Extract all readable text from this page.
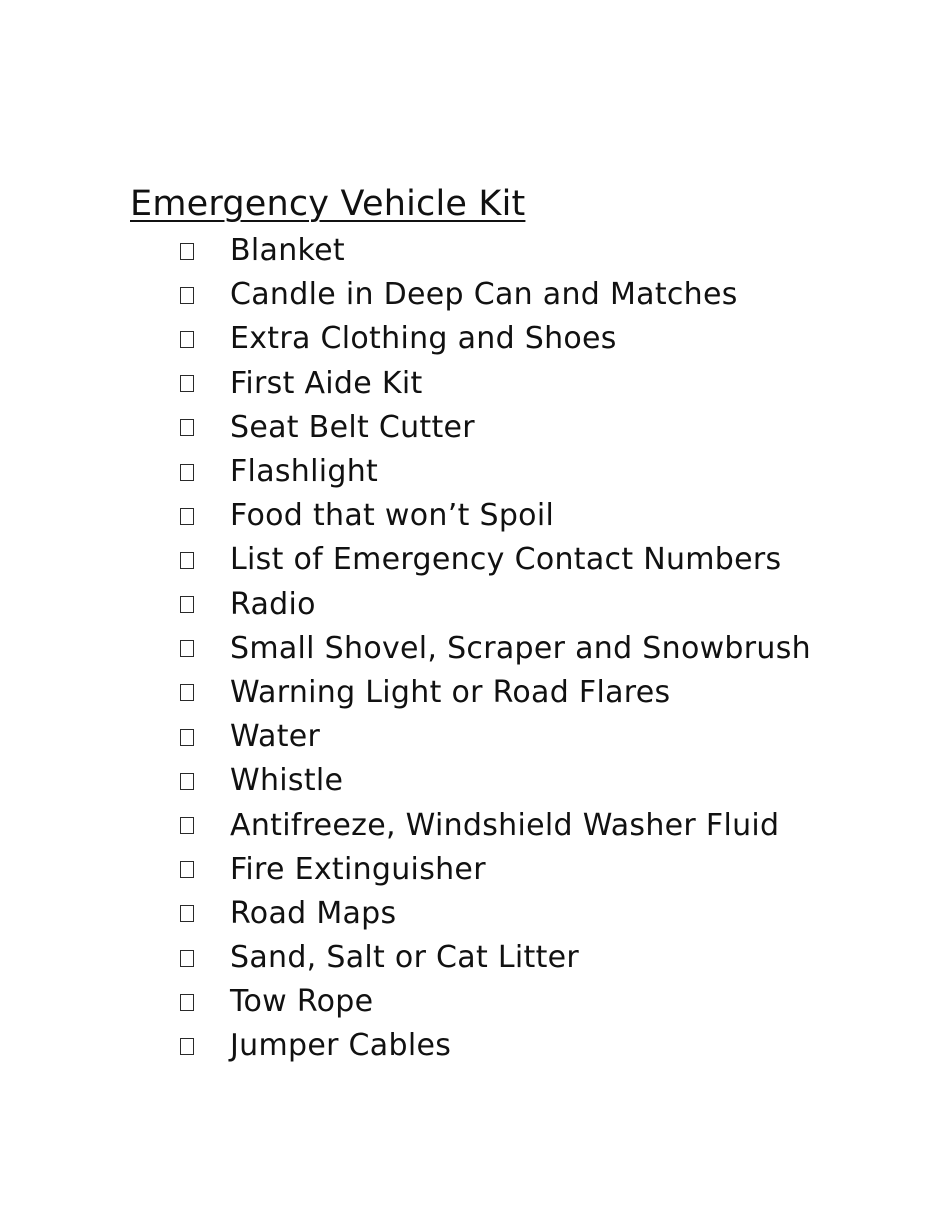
Emergency Vehicle Kit
Blanket
Candle in Deep Can and Matches
Extra Clothing and Shoes
First Aide Kit
Seat Belt Cutter
Flashlight
Food that won’t Spoil
List of Emergency Contact Numbers
Radio
Small Shovel, Scraper and Snowbrush
Warning Light or Road Flares
Water
Whistle
Antifreeze, Windshield Washer Fluid
Fire Extinguisher
Road Maps
Sand, Salt or Cat Litter
Tow Rope
Jumper Cables
